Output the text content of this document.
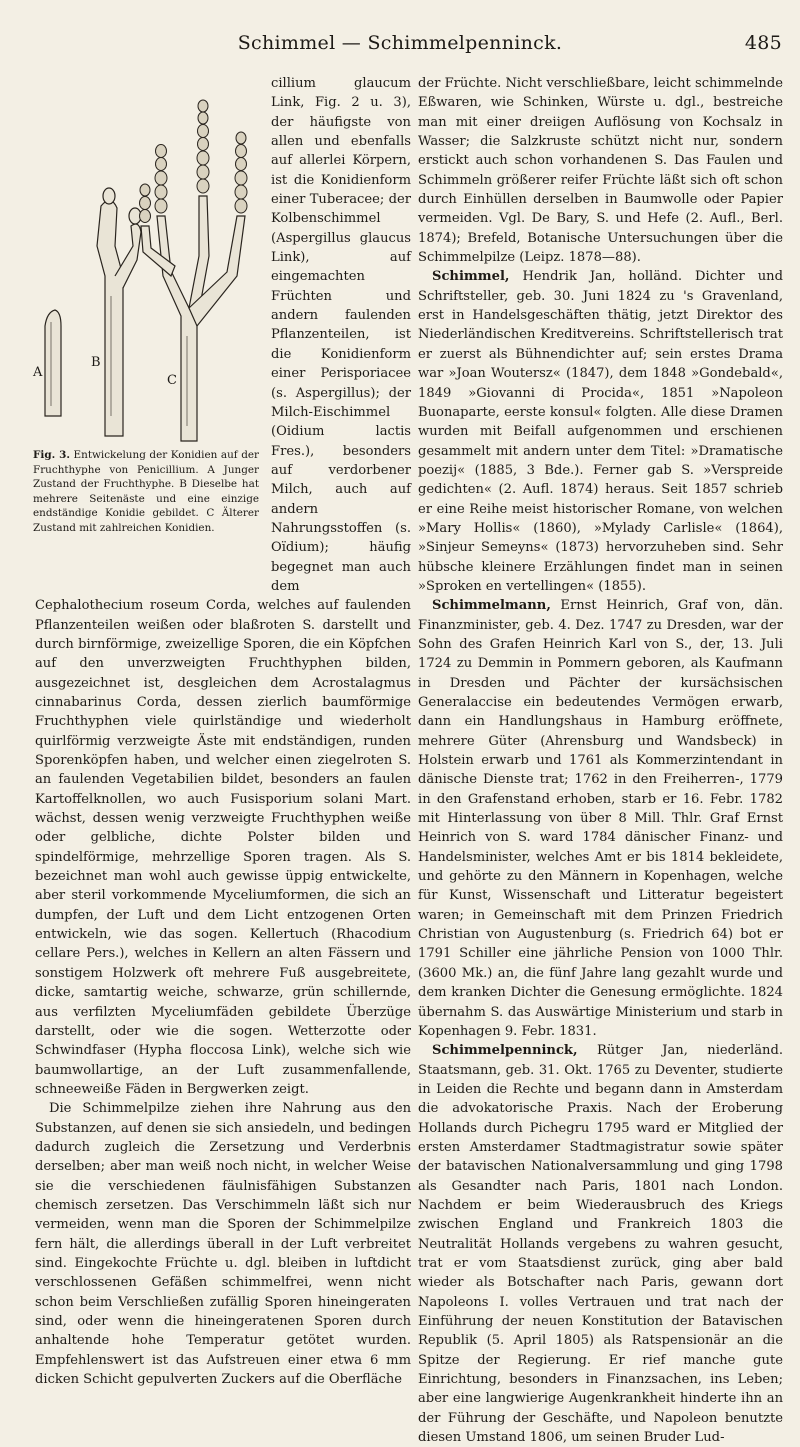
Schimmel — Schimmelpenninck.	485
A
B
C
Fig. 3. Entwickelung der Konidien auf der Fruchthyphe von Penicillium. A Junger Zustand der Fruchthyphe. B Dieselbe hat mehrere Seitenäste und eine einzige endständige Konidie gebildet. C Älterer Zustand mit zahlreichen Konidien.

cillium glaucum Link, Fig. 2 u. 3), der häufigste von allen und ebenfalls auf allerlei Körpern, ist die Konidienform einer Tuberacee; der Kolbenschimmel (Aspergillus glaucus Link), auf eingemachten Früchten und andern faulenden Pflanzenteilen, ist die Konidienform einer Perisporiacee (s. Aspergillus); der Milch-Eischimmel (Oidium lactis Fres.), besonders auf verdorbener Milch, auch auf andern Nahrungsstoffen (s. Oïdium); häufig begegnet man auch dem Cephalothecium roseum Corda, welches auf faulenden Pflanzenteilen weißen oder blaßroten S. darstellt und durch birnförmige, zweizellige Sporen, die ein Köpfchen auf den unverzweigten Fruchthyphen bilden, ausgezeichnet ist, desgleichen dem Acrostalagmus cinnabarinus Corda, dessen zierlich baumförmige Fruchthyphen viele quirlständige und wiederholt quirlförmig verzweigte Äste mit endständigen, runden Sporenköpfen haben, und welcher einen ziegelroten S. an faulenden Vegetabilien bildet, besonders an faulen Kartoffelknollen, wo auch Fusisporium solani Mart. wächst, dessen wenig verzweigte Fruchthyphen weiße oder gelbliche, dichte Polster bilden und spindelförmige, mehrzellige Sporen tragen. Als S. bezeichnet man wohl auch gewisse üppig entwickelte, aber steril vorkommende Myceliumformen, die sich an dumpfen, der Luft und dem Licht entzogenen Orten entwickeln, wie das sogen. Kellertuch (Rhacodium cellare Pers.), welches in Kellern an alten Fässern und sonstigem Holzwerk oft mehrere Fuß ausgebreitete, dicke, samtartig weiche, schwarze, grün schillernde, aus verfilzten Myceliumfäden gebildete Überzüge darstellt, oder wie die sogen. Wetterzotte oder Schwindfaser (Hypha floccosa Link), welche sich wie baumwollartige, an der Luft zusammenfallende, schneeweiße Fäden in Bergwerken zeigt.

Die Schimmelpilze ziehen ihre Nahrung aus den Substanzen, auf denen sie sich ansiedeln, und bedingen dadurch zugleich die Zersetzung und Verderbnis derselben; aber man weiß noch nicht, in welcher Weise sie die verschiedenen fäulnisfähigen Substanzen chemisch zersetzen. Das Verschimmeln läßt sich nur vermeiden, wenn man die Sporen der Schimmelpilze fern hält, die allerdings überall in der Luft verbreitet sind. Eingekochte Früchte u. dgl. bleiben in luftdicht verschlossenen Gefäßen schimmelfrei, wenn nicht schon beim Verschließen zufällig Sporen hineingeraten sind, oder wenn die hineingeratenen Sporen durch anhaltende hohe Temperatur getötet wurden. Empfehlenswert ist das Aufstreuen einer etwa 6 mm dicken Schicht gepulverten Zuckers auf die Oberfläche

der Früchte. Nicht verschließbare, leicht schimmelnde Eßwaren, wie Schinken, Würste u. dgl., bestreiche man mit einer dreiigen Auflösung von Kochsalz in Wasser; die Salzkruste schützt nicht nur, sondern erstickt auch schon vorhandenen S. Das Faulen und Schimmeln größerer reifer Früchte läßt sich oft schon durch Einhüllen derselben in Baumwolle oder Papier vermeiden. Vgl. De Bary, S. und Hefe (2. Aufl., Berl. 1874); Brefeld, Botanische Untersuchungen über die Schimmelpilze (Leipz. 1878—88).

Schimmel, Hendrik Jan, holländ. Dichter und Schriftsteller, geb. 30. Juni 1824 zu 's Gravenland, erst in Handelsgeschäften thätig, jetzt Direktor des Niederländischen Kreditvereins. Schriftstellerisch trat er zuerst als Bühnendichter auf; sein erstes Drama war »Joan Woutersz« (1847), dem 1848 »Gondebald«, 1849 »Giovanni di Procida«, 1851 »Napoleon Buonaparte, eerste konsul« folgten. Alle diese Dramen wurden mit Beifall aufgenommen und erschienen gesammelt mit andern unter dem Titel: »Dramatische poezij« (1885, 3 Bde.). Ferner gab S. »Verspreide gedichten« (2. Aufl. 1874) heraus. Seit 1857 schrieb er eine Reihe meist historischer Romane, von welchen »Mary Hollis« (1860), »Mylady Carlisle« (1864), »Sinjeur Semeyns« (1873) hervorzuheben sind. Sehr hübsche kleinere Erzählungen findet man in seinen »Sproken en vertellingen« (1855).

Schimmelmann, Ernst Heinrich, Graf von, dän. Finanzminister, geb. 4. Dez. 1747 zu Dresden, war der Sohn des Grafen Heinrich Karl von S., der, 13. Juli 1724 zu Demmin in Pommern geboren, als Kaufmann in Dresden und Pächter der kursächsischen Generalaccise ein bedeutendes Vermögen erwarb, dann ein Handlungshaus in Hamburg eröffnete, mehrere Güter (Ahrensburg und Wandsbeck) in Holstein erwarb und 1761 als Kommerzintendant in dänische Dienste trat; 1762 in den Freiherren-, 1779 in den Grafenstand erhoben, starb er 16. Febr. 1782 mit Hinterlassung von über 8 Mill. Thlr. Graf Ernst Heinrich von S. ward 1784 dänischer Finanz- und Handelsminister, welches Amt er bis 1814 bekleidete, und gehörte zu den Männern in Kopenhagen, welche für Kunst, Wissenschaft und Litteratur begeistert waren; in Gemeinschaft mit dem Prinzen Friedrich Christian von Augustenburg (s. Friedrich 64) bot er 1791 Schiller eine jährliche Pension von 1000 Thlr. (3600 Mk.) an, die fünf Jahre lang gezahlt wurde und dem kranken Dichter die Genesung ermöglichte. 1824 übernahm S. das Auswärtige Ministerium und starb in Kopenhagen 9. Febr. 1831.

Schimmelpenninck, Rütger Jan, niederländ. Staatsmann, geb. 31. Okt. 1765 zu Deventer, studierte in Leiden die Rechte und begann dann in Amsterdam die advokatorische Praxis. Nach der Eroberung Hollands durch Pichegru 1795 ward er Mitglied der ersten Amsterdamer Stadtmagistratur sowie später der batavischen Nationalversammlung und ging 1798 als Gesandter nach Paris, 1801 nach London. Nachdem er beim Wiederausbruch des Kriegs zwischen England und Frankreich 1803 die Neutralität Hollands vergebens zu wahren gesucht, trat er vom Staatsdienst zurück, ging aber bald wieder als Botschafter nach Paris, gewann dort Napoleons I. volles Vertrauen und trat nach der Einführung der neuen Konstitution der Batavischen Republik (5. April 1805) als Ratspensionär an die Spitze der Regierung. Er rief manche gute Einrichtung, besonders in Finanzsachen, ins Leben; aber eine langwierige Augenkrankheit hinderte ihn an der Führung der Geschäfte, und Napoleon benutzte diesen Umstand 1806, um seinen Bruder Lud-
